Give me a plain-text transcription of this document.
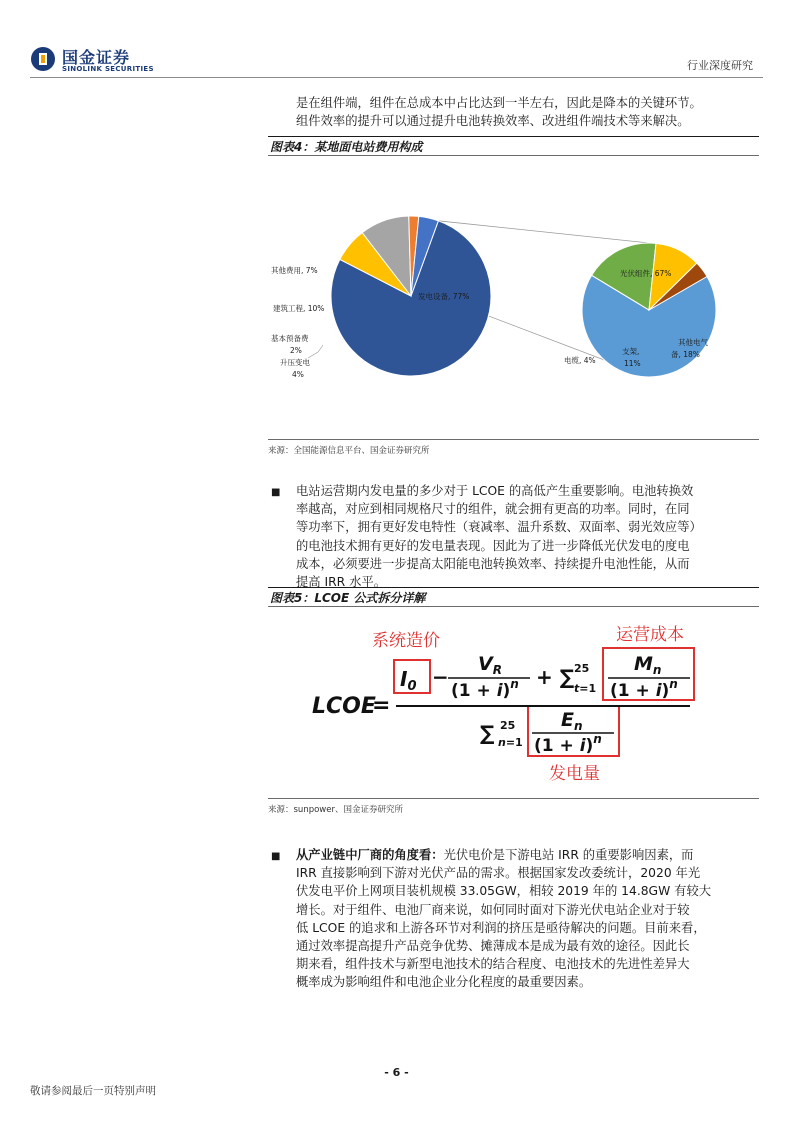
国金证券
SINOLINK SECURITIES	行业深度研究
是在组件端，组件在总成本中占比达到一半左右，因此是降本的关键环节。
组件效率的提升可以通过提升电池转换效率、改进组件端技术等来解决。
图表4：某地面电站费用构成
发电设备, 77%
其他费用, 7%
建筑工程, 10%
基本预备费
2%
升压变电
4%
光伏组件, 67%
其他电气
备, 18%
支架,
11%
电缆, 4%
来源：全国能源信息平台、国金证券研究所
■ 电站运营期内发电量的多少对于 LCOE 的高低产生重要影响。电池转换效
率越高，对应到相同规格尺寸的组件，就会拥有更高的功率。同时，在同
等功率下，拥有更好发电特性（衰减率、温升系数、双面率、弱光效应等）
的电池技术拥有更好的发电量表现。因此为了进一步降低光伏发电的度电
成本，必须要进一步提高太阳能电池转换效率、持续提升电池性能，从而
提高 IRR 水平。
图表5：LCOE 公式拆分详解
系统造价	运营成本
发电量
LCOE
=
$I_0$ −
$V_R$
$(1 + i)^n$ + ∑ 25
t=1
$M_n$
$(1 + i)^n$
∑ 25
n=1
$E_n$
$(1 + i)^n$
来源：sunpower、国金证券研究所
■ 从产业链中厂商的角度看：光伏电价是下游电站 IRR 的重要影响因素，而
IRR 直接影响到下游对光伏产品的需求。根据国家发改委统计，2020 年光
伏发电平价上网项目装机规模 33.05GW，相较 2019 年的 14.8GW 有较大
增长。对于组件、电池厂商来说，如何同时面对下游光伏电站企业对于较
低 LCOE 的追求和上游各环节对利润的挤压是亟待解决的问题。目前来看，
通过效率提高提升产品竞争优势、摊薄成本是成为最有效的途径。因此长
期来看，组件技术与新型电池技术的结合程度、电池技术的先进性差异大
概率成为影响组件和电池企业分化程度的最重要因素。
- 6 -
敬请参阅最后一页特别声明
